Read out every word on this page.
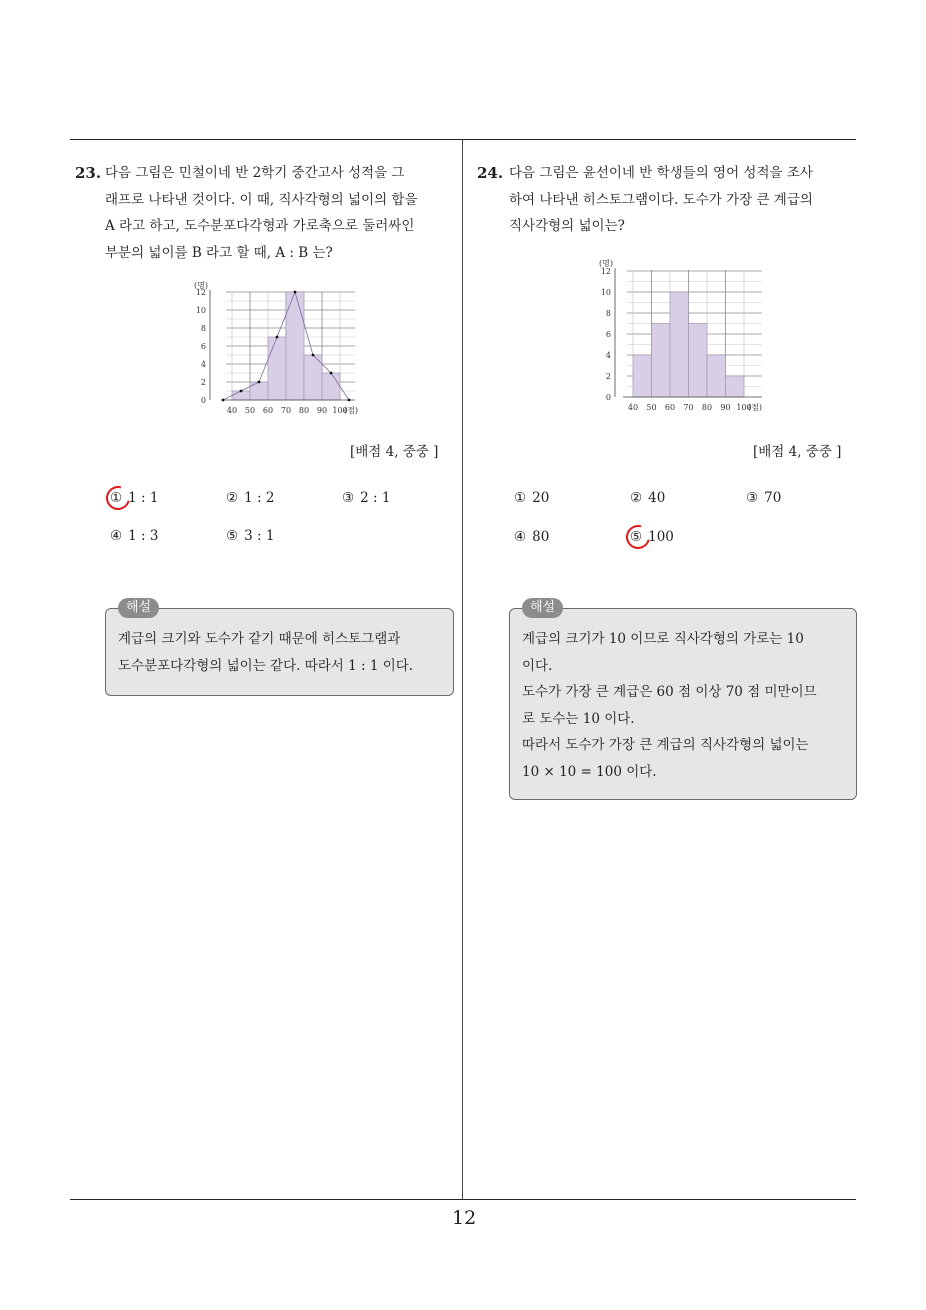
12
23. 다음 그림은 민철이네 반 2학기 중간고사 성적을 그
래프로 나타낸 것이다. 이 때, 직사각형의 넓이의 합을
A 라고 하고, 도수분포다각형과 가로축으로 둘러싸인
부분의 넓이를 B 라고 할 때, A : B 는?
0
2
4
6
8
10
12
(명)
40 50 60 70 80 90 100
(점)
[배점 4, 중중 ]
① 1 : 1	② 1 : 2	③ 2 : 1
④ 1 : 3	⑤ 3 : 1
해설
계급의 크기와 도수가 같기 때문에 히스토그램과
도수분포다각형의 넓이는 같다. 따라서 1 : 1 이다.
24. 다음 그림은 윤선이네 반 학생들의 영어 성적을 조사
하여 나타낸 히스토그램이다. 도수가 가장 큰 계급의
직사각형의 넓이는?
0
2
4
6
8
10
12
(명)
40 50 60 70 80 90 100
(점)
[배점 4, 중중 ]
① 20	② 40	③ 70
④ 80	⑤ 100
해설
계급의 크기가 10 이므로 직사각형의 가로는 10
이다.
도수가 가장 큰 계급은 60 점 이상 70 점 미만이므
로 도수는 10 이다.
따라서 도수가 가장 큰 계급의 직사각형의 넓이는
10 × 10 = 100 이다.
